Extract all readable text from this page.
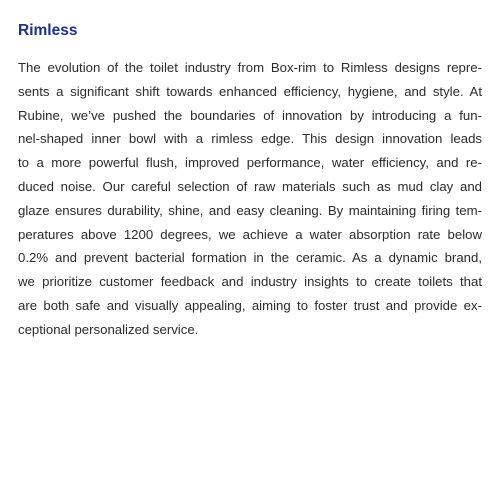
Rimless
The evolution of the toilet industry from Box-rim to Rimless designs repre-
sents a significant shift towards enhanced efficiency, hygiene, and style. At
Rubine, we’ve pushed the boundaries of innovation by introducing a fun-
nel-shaped inner bowl with a rimless edge. This design innovation leads
to a more powerful flush, improved performance, water efficiency, and re-
duced noise. Our careful selection of raw materials such as mud clay and
glaze ensures durability, shine, and easy cleaning. By maintaining firing tem-
peratures above 1200 degrees, we achieve a water absorption rate below
0.2% and prevent bacterial formation in the ceramic. As a dynamic brand,
we prioritize customer feedback and industry insights to create toilets that
are both safe and visually appealing, aiming to foster trust and provide ex-
ceptional personalized service.
